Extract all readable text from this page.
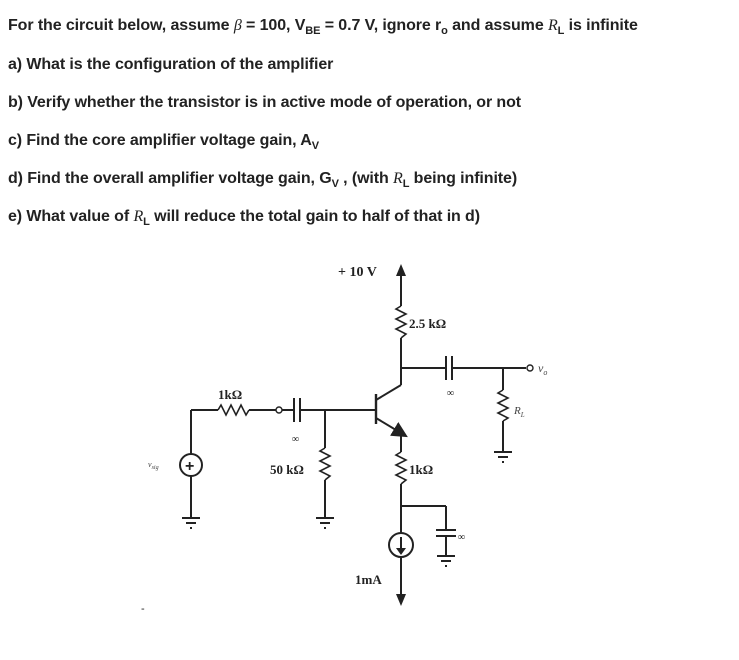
For the circuit below, assume β = 100, $V_{BE} = 0.7$ V, ignore $r_o$ and assume $R_L$ is infinite
a) What is the configuration of the amplifier
b) Verify whether the transistor is in active mode of operation, or not
c) Find the core amplifier voltage gain, $A_V$
d) Find the overall amplifier voltage gain, $G_V$ , (with $R_L$ being infinite)
e) What value of $R_L$ will reduce the total gain to half of that in d)
+ 10 V
2.5 kΩ
∞
$v_o$
$R_L$
+
$v_{sig}$
1kΩ
∞
50 kΩ	1kΩ
∞
1mA
-
